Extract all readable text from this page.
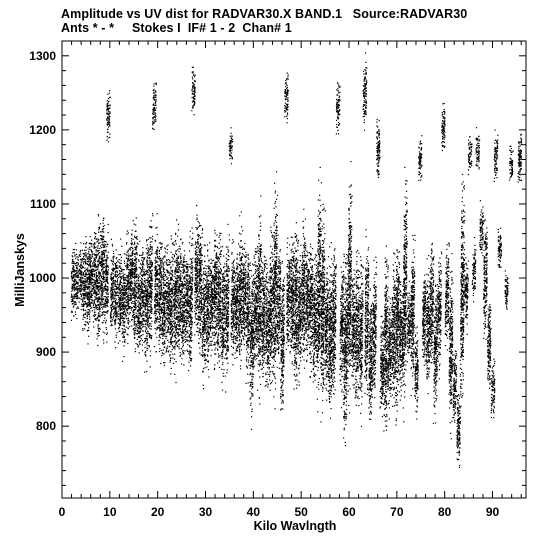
Amplitude vs UV dist for RADVAR30.X BAND.1   Source:RADVAR30
Ants * - *     Stokes I  IF# 1 - 2  Chan# 1
0	10	20	30	40	50	60	70	80	90
800
900
1000
1100
1200
1300
Kilo Wavlngth
MilliJanskys
